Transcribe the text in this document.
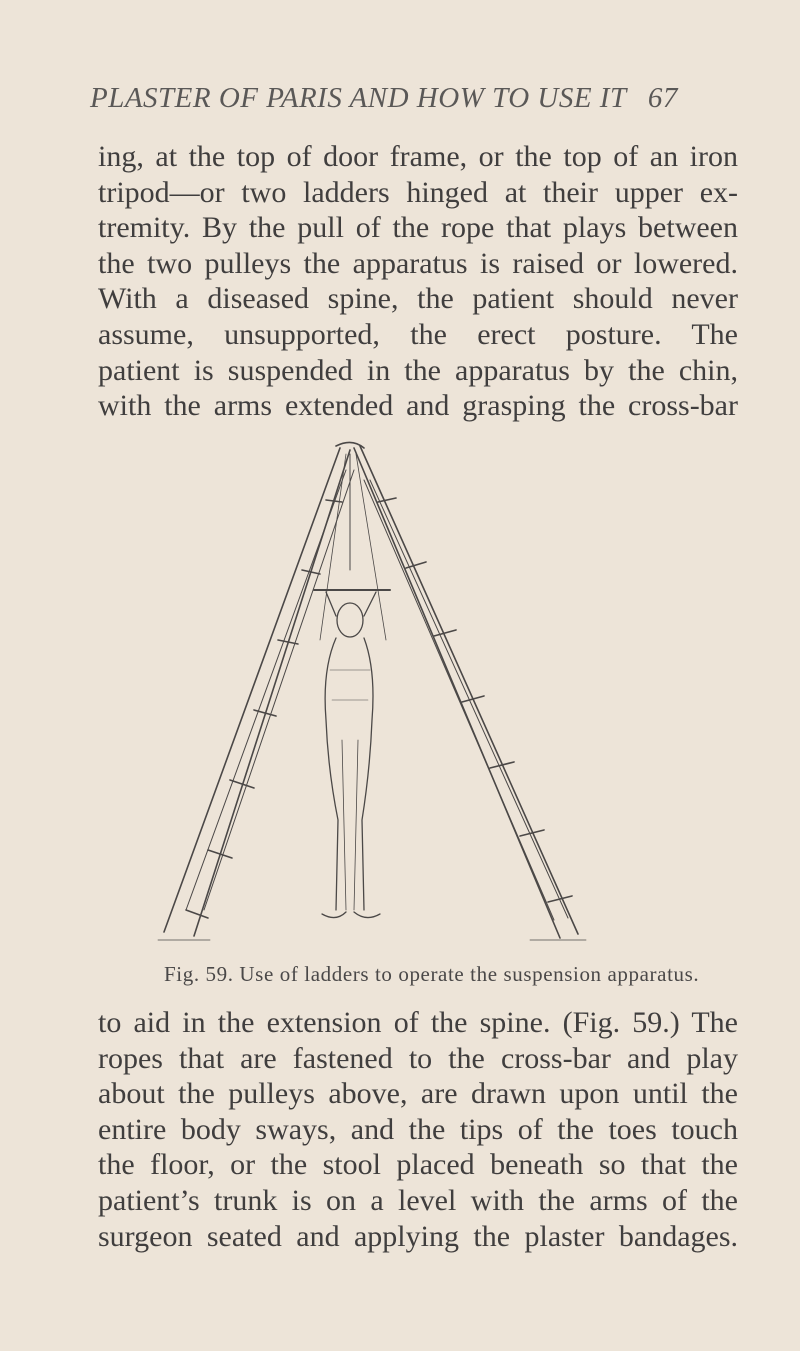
PLASTER OF PARIS AND HOW TO USE IT 67

ing, at the top of door frame, or the top of an iron
tripod—or two ladders hinged at their upper ex-
tremity. By the pull of the rope that plays between
the two pulleys the apparatus is raised or lowered.
With a diseased spine, the patient should never
assume, unsupported, the erect posture. The
patient is suspended in the apparatus by the chin,
with the arms extended and grasping the cross-bar

Fig. 59. Use of ladders to operate the suspension apparatus.

to aid in the extension of the spine. (Fig. 59.) The
ropes that are fastened to the cross-bar and play
about the pulleys above, are drawn upon until the
entire body sways, and the tips of the toes touch
the floor, or the stool placed beneath so that the
patient’s trunk is on a level with the arms of the
surgeon seated and applying the plaster bandages.
